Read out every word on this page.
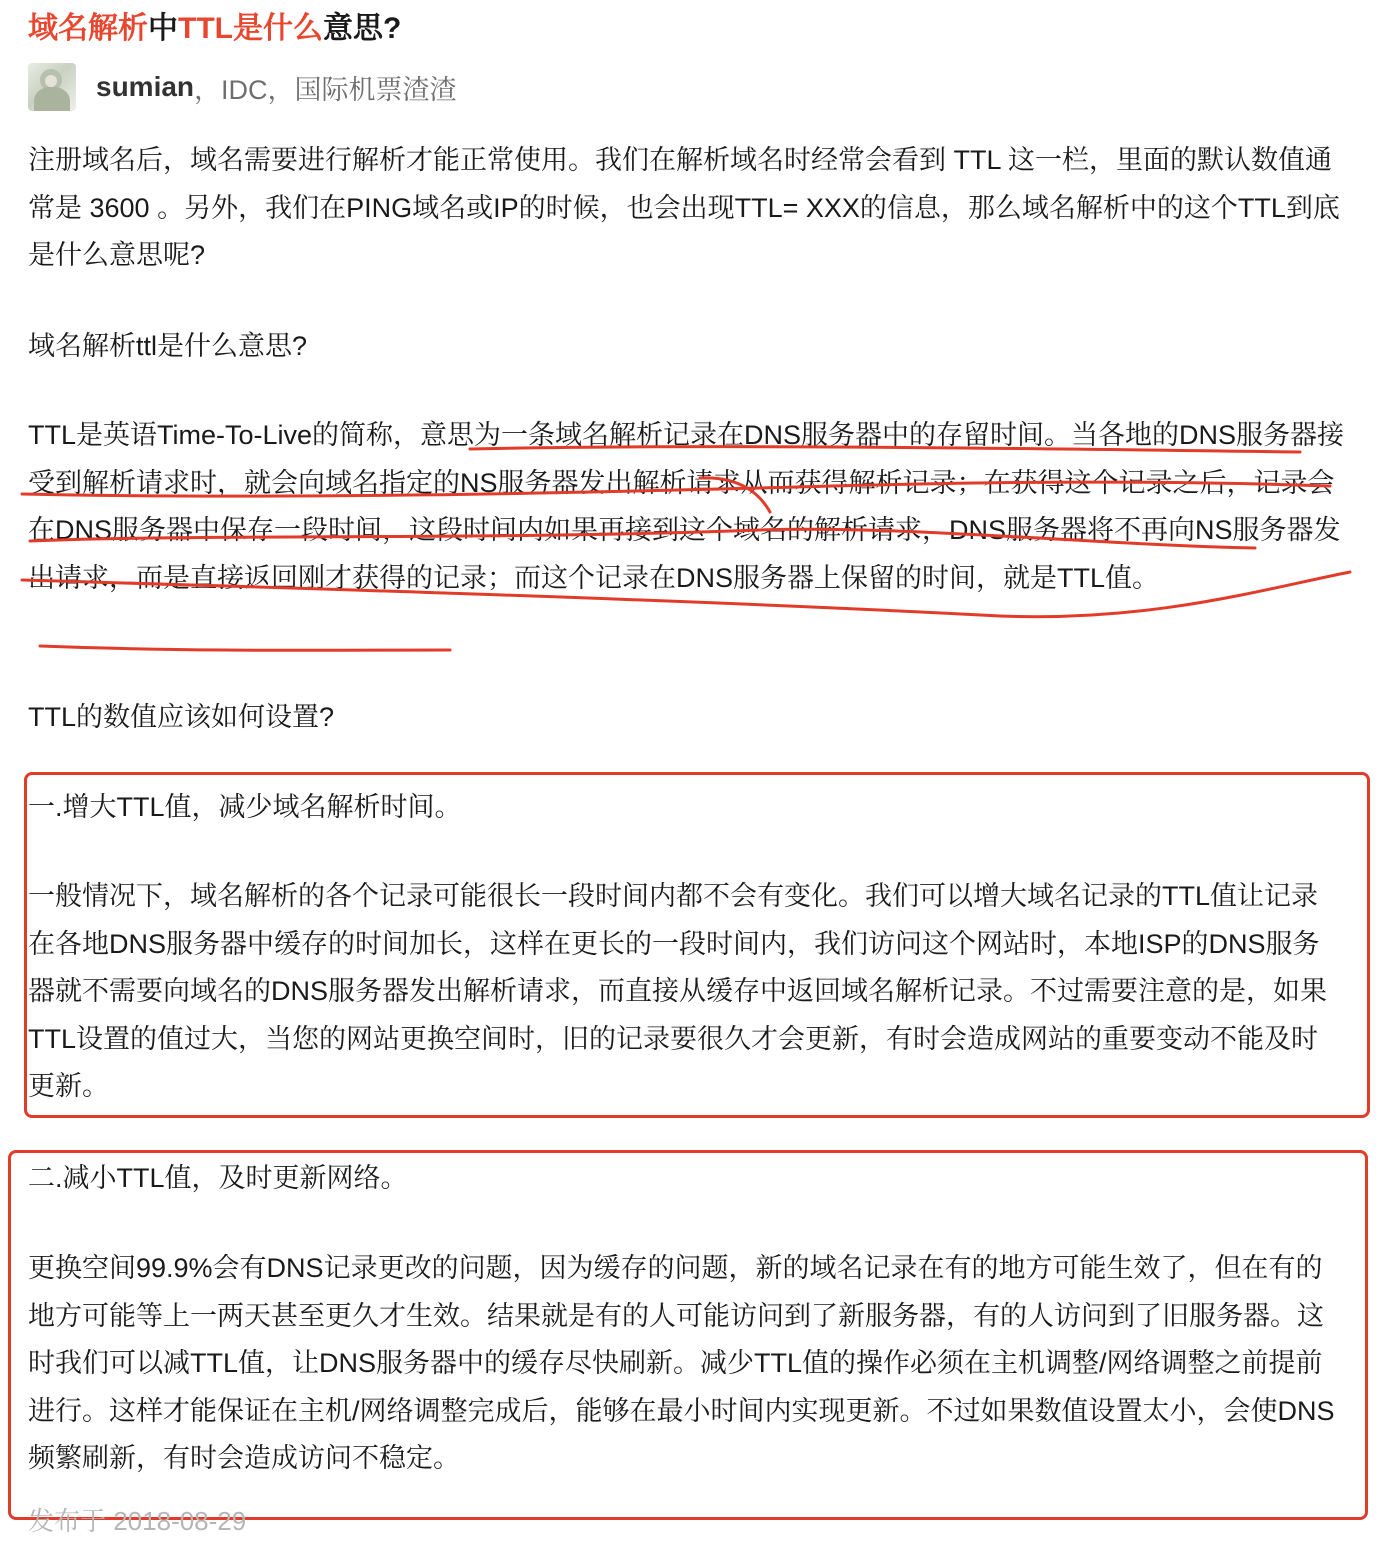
域名解析中TTL是什么意思?
sumian ，IDC，国际机票渣渣

注册域名后，域名需要进行解析才能正常使用。我们在解析域名时经常会看到 TTL 这一栏，里面的默认数值通常是 3600 。另外，我们在PING域名或IP的时候，也会出现TTL= XXX的信息，那么域名解析中的这个TTL到底是什么意思呢?

域名解析ttl是什么意思?

TTL是英语Time-To-Live的简称，意思为一条域名解析记录在DNS服务器中的存留时间。当各地的DNS服务器接受到解析请求时，就会向域名指定的NS服务器发出解析请求从而获得解析记录；在获得这个记录之后，记录会在DNS服务器中保存一段时间，这段时间内如果再接到这个域名的解析请求，DNS服务器将不再向NS服务器发出请求，而是直接返回刚才获得的记录；而这个记录在DNS服务器上保留的时间，就是TTL值。

TTL的数值应该如何设置?

一.增大TTL值，减少域名解析时间。

一般情况下，域名解析的各个记录可能很长一段时间内都不会有变化。我们可以增大域名记录的TTL值让记录在各地DNS服务器中缓存的时间加长，这样在更长的一段时间内，我们访问这个网站时，本地ISP的DNS服务器就不需要向域名的DNS服务器发出解析请求，而直接从缓存中返回域名解析记录。不过需要注意的是，如果TTL设置的值过大，当您的网站更换空间时，旧的记录要很久才会更新，有时会造成网站的重要变动不能及时更新。

二.减小TTL值，及时更新网络。

更换空间99.9%会有DNS记录更改的问题，因为缓存的问题，新的域名记录在有的地方可能生效了，但在有的地方可能等上一两天甚至更久才生效。结果就是有的人可能访问到了新服务器，有的人访问到了旧服务器。这时我们可以减TTL值，让DNS服务器中的缓存尽快刷新。减少TTL值的操作必须在主机调整/网络调整之前提前进行。这样才能保证在主机/网络调整完成后，能够在最小时间内实现更新。不过如果数值设置太小，会使DNS频繁刷新，有时会造成访问不稳定。

发布于 2018-08-29
